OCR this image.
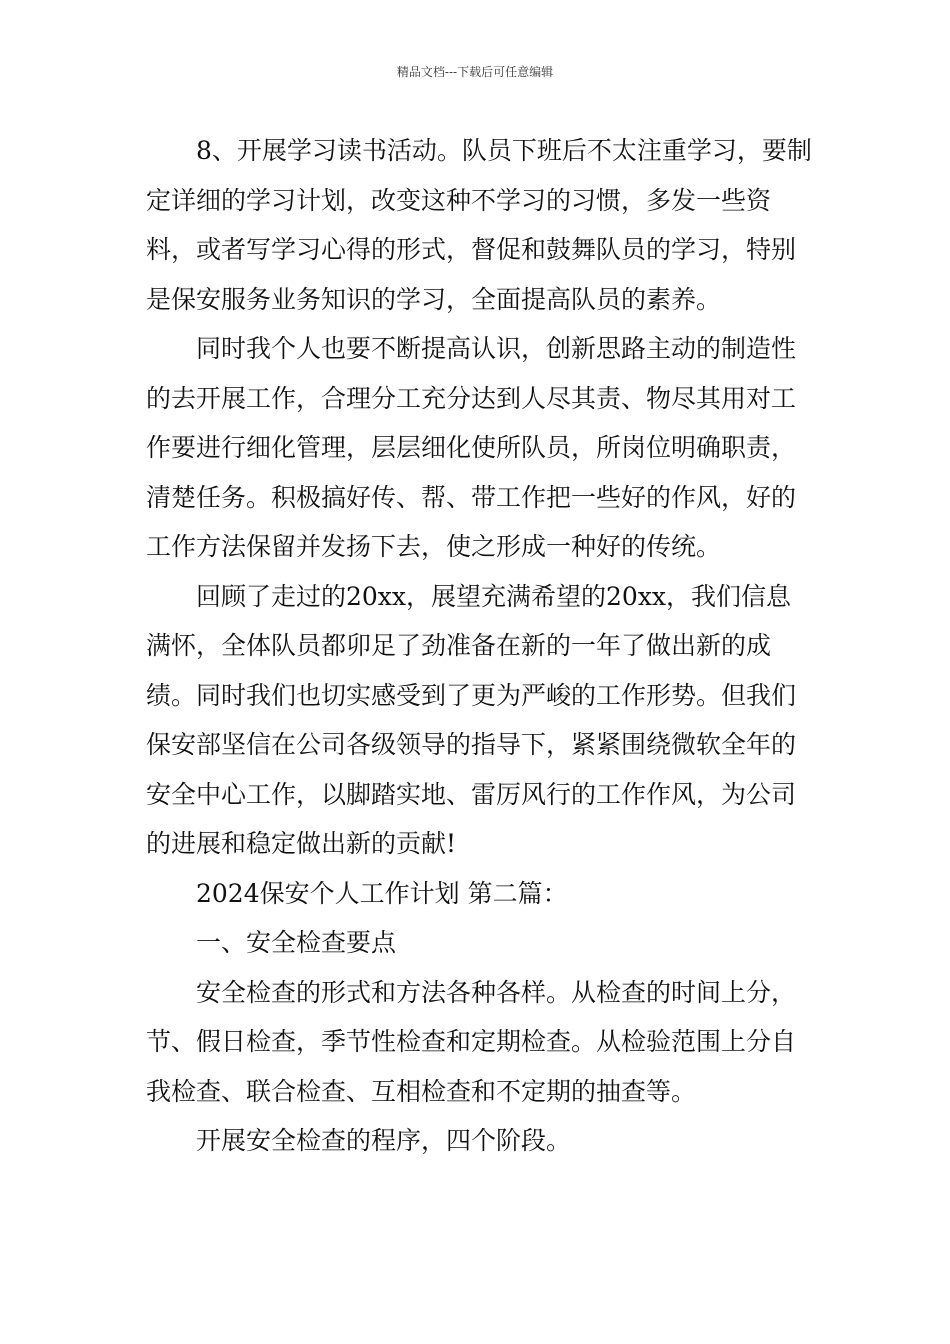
精品文档---下载后可任意编辑

8、开展学习读书活动。队员下班后不太注重学习，要制定详细的学习计划，改变这种不学习的习惯，多发一些资料，或者写学习心得的形式，督促和鼓舞队员的学习，特别是保安服务业务知识的学习，全面提高队员的素养。

同时我个人也要不断提高认识，创新思路主动的制造性的去开展工作，合理分工充分达到人尽其责、物尽其用对工作要进行细化管理，层层细化使所队员，所岗位明确职责，清楚任务。积极搞好传、帮、带工作把一些好的作风，好的工作方法保留并发扬下去，使之形成一种好的传统。

回顾了走过的20xx，展望充满希望的20xx，我们信息满怀，全体队员都卯足了劲准备在新的一年了做出新的成绩。同时我们也切实感受到了更为严峻的工作形势。但我们保安部坚信在公司各级领导的指导下，紧紧围绕微软全年的安全中心工作，以脚踏实地、雷厉风行的工作作风，为公司的进展和稳定做出新的贡献!

2024保安个人工作计划 第二篇：

一、安全检查要点

安全检查的形式和方法各种各样。从检查的时间上分，节、假日检查，季节性检查和定期检查。从检验范围上分自我检查、联合检查、互相检查和不定期的抽查等。

开展安全检查的程序，四个阶段。
